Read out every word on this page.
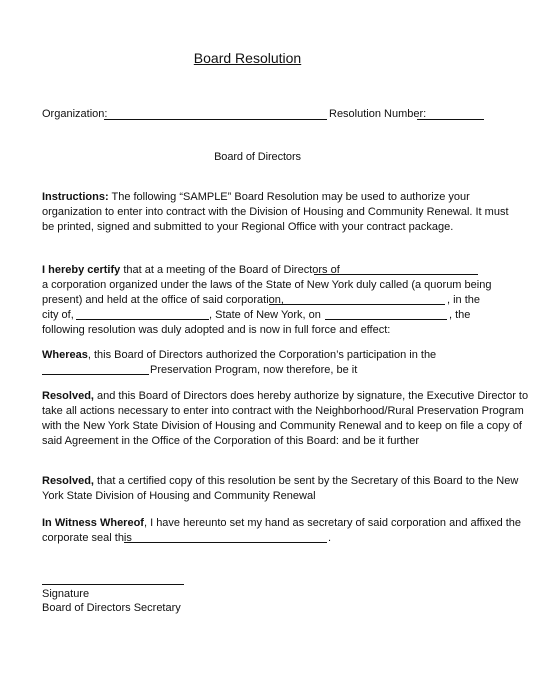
Board Resolution
Organization:	Resolution Number:
Board of Directors
Instructions: The following “SAMPLE” Board Resolution may be used to authorize your
organization to enter into contract with the Division of Housing and Community Renewal. It must
be printed, signed and submitted to your Regional Office with your contract package.
I hereby certify that at a meeting of the Board of Directors of
a corporation organized under the laws of the State of New York duly called (a quorum being
present) and held at the office of said corporation,	, in the
city of,	, State of New York, on	, the
following resolution was duly adopted and is now in full force and effect:
Whereas, this Board of Directors authorized the Corporation’s participation in the
Preservation Program, now therefore, be it
Resolved, and this Board of Directors does hereby authorize by signature, the Executive Director to
take all actions necessary to enter into contract with the Neighborhood/Rural Preservation Program
with the New York State Division of Housing and Community Renewal and to keep on file a copy of
said Agreement in the Office of the Corporation of this Board: and be it further
Resolved, that a certified copy of this resolution be sent by the Secretary of this Board to the New
York State Division of Housing and Community Renewal
In Witness Whereof, I have hereunto set my hand as secretary of said corporation and affixed the
corporate seal this	.
Signature
Board of Directors Secretary
